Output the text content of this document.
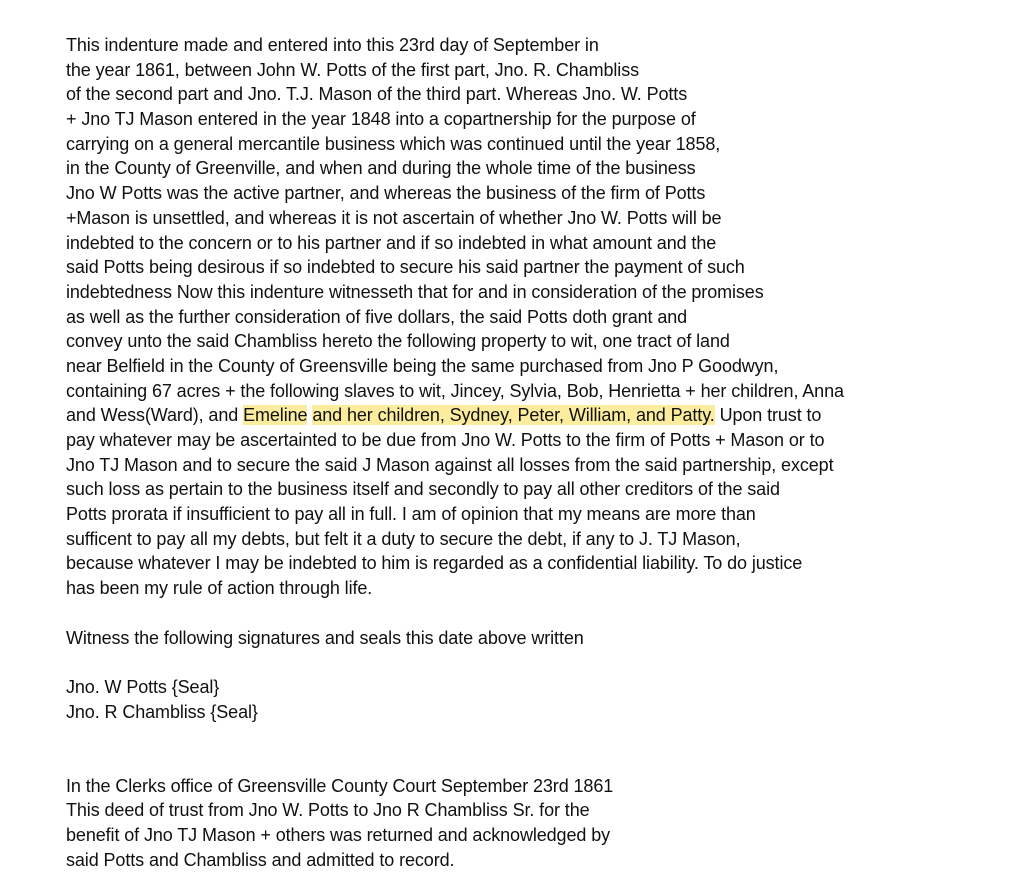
This indenture made and entered into this 23rd day of September in
the year 1861, between John W. Potts of the first part, Jno. R. Chambliss
of the second part and Jno. T.J. Mason of the third part. Whereas Jno. W. Potts
+ Jno TJ Mason entered in the year 1848 into a copartnership for the purpose of
carrying on a general mercantile business which was continued until the year 1858,
in the County of Greenville, and when and during the whole time of the business
Jno W Potts was the active partner, and whereas the business of the firm of Potts
+Mason is unsettled, and whereas it is not ascertain of whether Jno W. Potts will be
indebted to the concern or to his partner and if so indebted in what amount and the
said Potts being desirous if so indebted to secure his said partner the payment of such
indebtedness Now this indenture witnesseth that for and in consideration of the promises
as well as the further consideration of five dollars, the said Potts doth grant and
convey unto the said Chambliss hereto the following property to wit, one tract of land
near Belfield in the County of Greensville being the same purchased from Jno P Goodwyn,
containing 67 acres + the following slaves to wit, Jincey, Sylvia, Bob, Henrietta + her children, Anna
and Wess(Ward), and Emeline and her children, Sydney, Peter, William, and Patty. Upon trust to
pay whatever may be ascertainted to be due from Jno W. Potts to the firm of Potts + Mason or to
Jno TJ Mason and to secure the said J Mason against all losses from the said partnership, except
such loss as pertain to the business itself and secondly to pay all other creditors of the said
Potts prorata if insufficient to pay all in full. I am of opinion that my means are more than
sufficent to pay all my debts, but felt it a duty to secure the debt, if any to J. TJ Mason,
because whatever I may be indebted to him is regarded as a confidential liability. To do justice
has been my rule of action through life.
Witness the following signatures and seals this date above written
Jno. W Potts {Seal}
Jno. R Chambliss {Seal}
In the Clerks office of Greensville County Court September 23rd 1861
This deed of trust from Jno W. Potts to Jno R Chambliss Sr. for the
benefit of Jno TJ Mason + others was returned and acknowledged by
said Potts and Chambliss and admitted to record.
